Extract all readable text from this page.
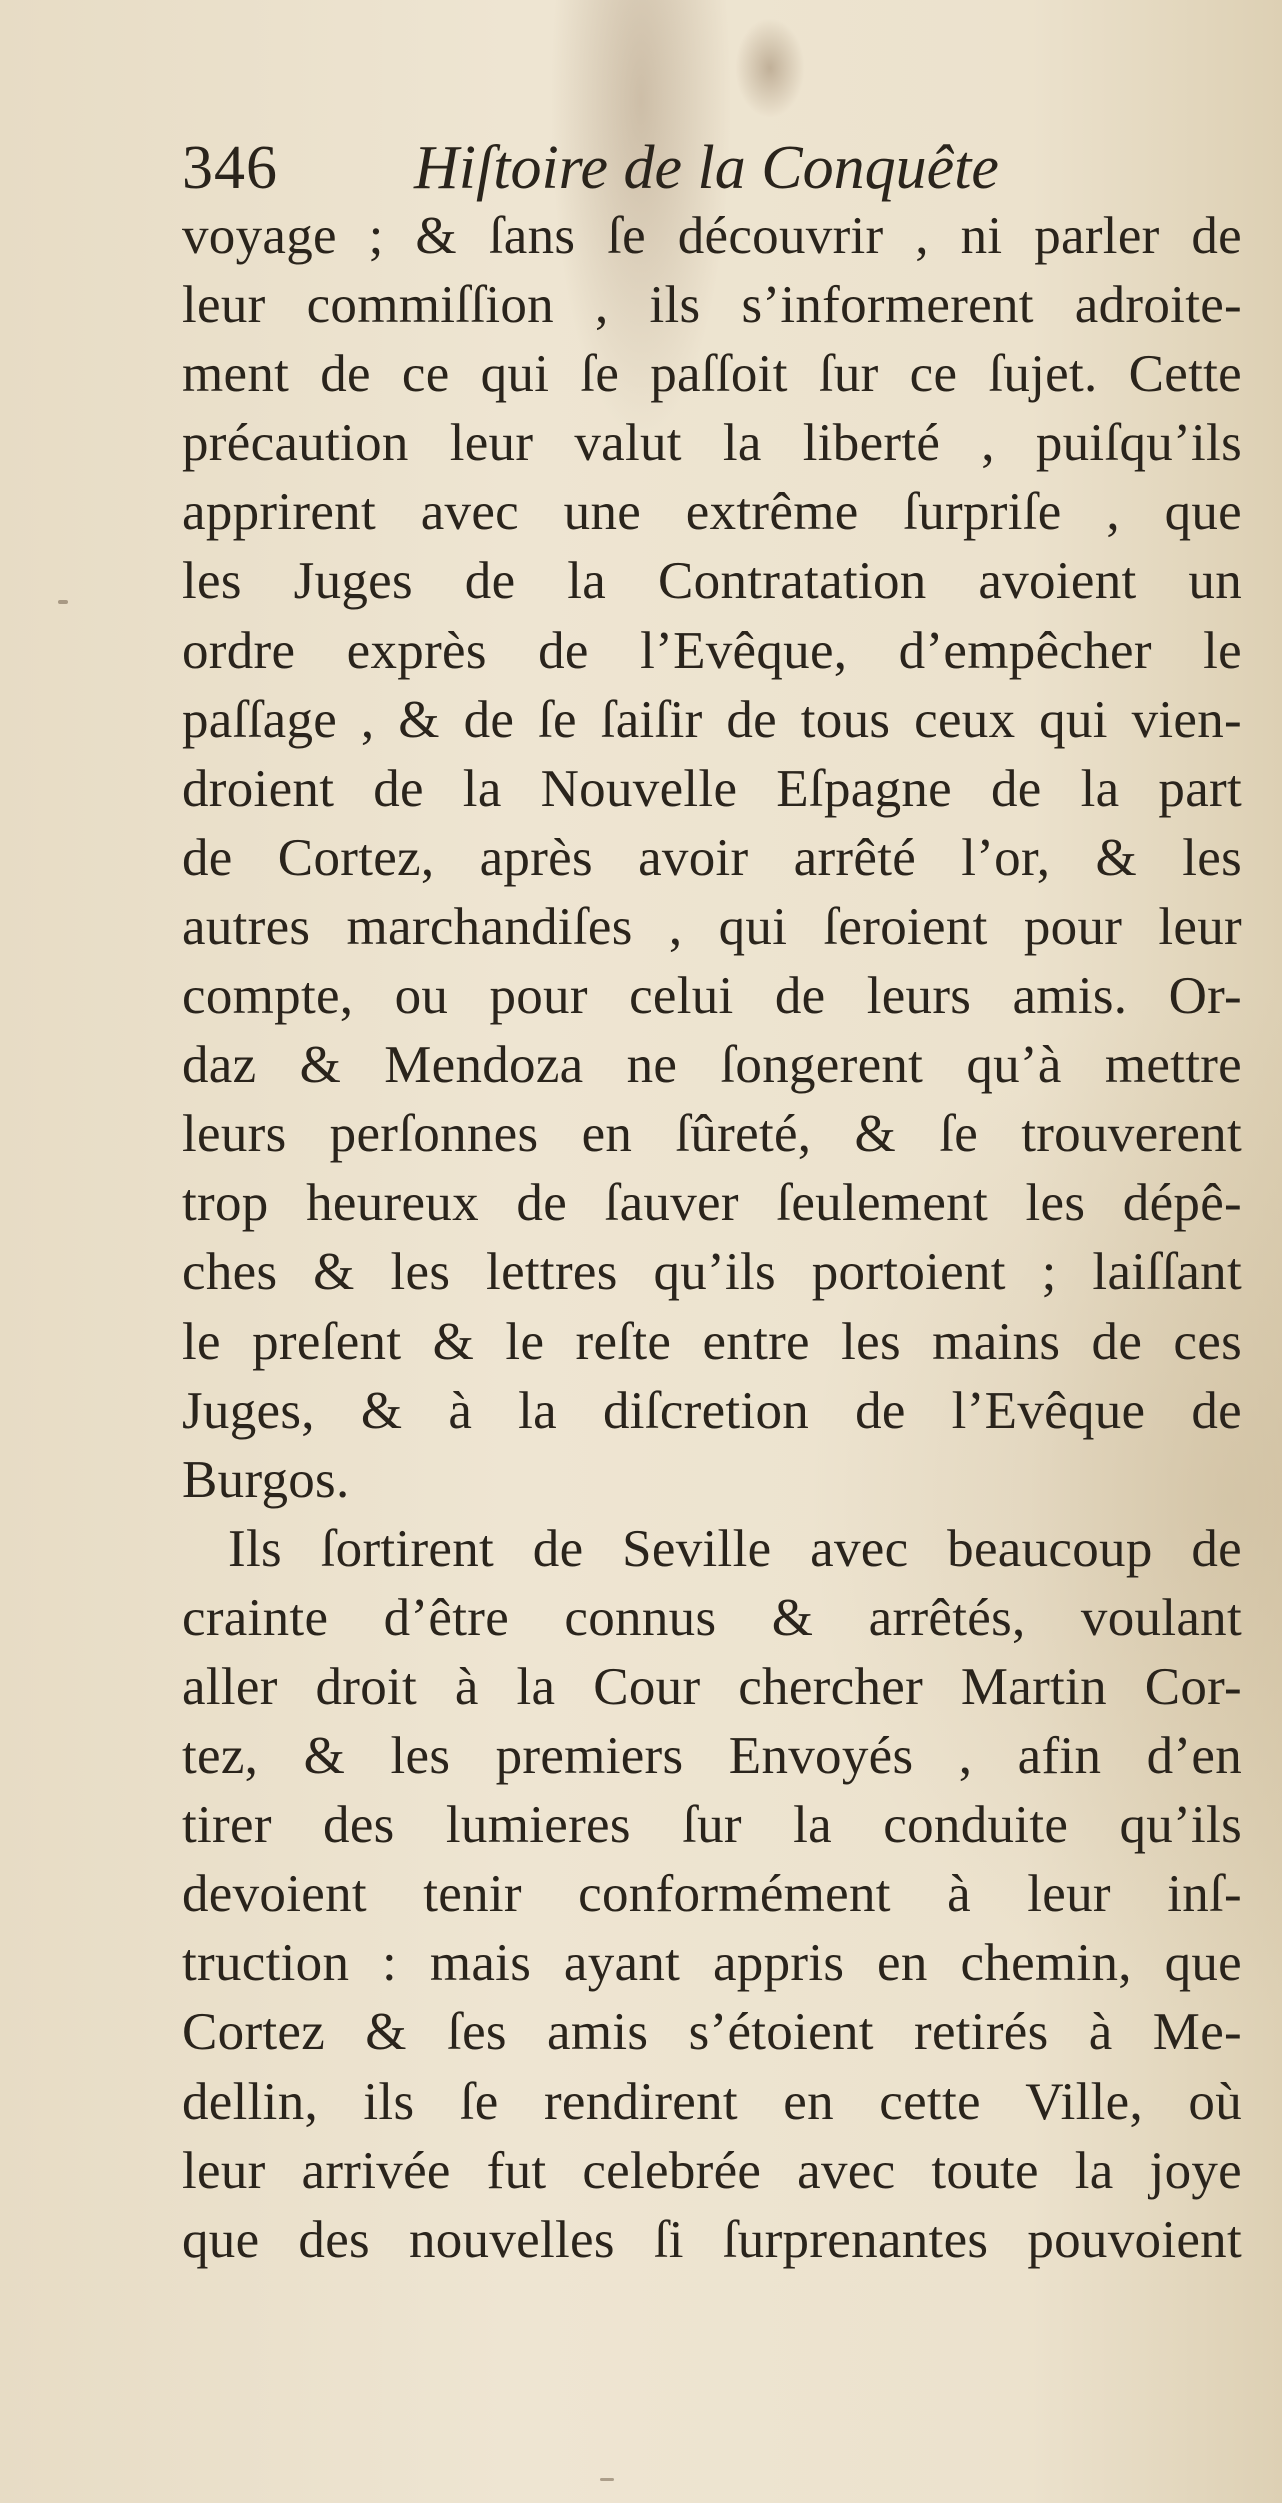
346 Hiſtoire de la Conquête
voyage ; & ſans ſe découvrir , ni parler de
leur commiſſion , ils s’informerent adroite-
ment de ce qui ſe paſſoit ſur ce ſujet. Cette
précaution leur valut la liberté , puiſqu’ils
apprirent avec une extrême ſurpriſe , que
les Juges de la Contratation avoient un
ordre exprès de l’Evêque, d’empêcher le
paſſage , & de ſe ſaiſir de tous ceux qui vien-
droient de la Nouvelle Eſpagne de la part
de Cortez, après avoir arrêté l’or, & les
autres marchandiſes , qui ſeroient pour leur
compte, ou pour celui de leurs amis. Or-
daz & Mendoza ne ſongerent qu’à mettre
leurs perſonnes en ſûreté, & ſe trouverent
trop heureux de ſauver ſeulement les dépê-
ches & les lettres qu’ils portoient ; laiſſant
le preſent & le reſte entre les mains de ces
Juges, & à la diſcretion de l’Evêque de
Burgos.
Ils ſortirent de Seville avec beaucoup de
crainte d’être connus & arrêtés, voulant
aller droit à la Cour chercher Martin Cor-
tez, & les premiers Envoyés , afin d’en
tirer des lumieres ſur la conduite qu’ils
devoient tenir conformément à leur inſ-
truction : mais ayant appris en chemin, que
Cortez & ſes amis s’étoient retirés à Me-
dellin, ils ſe rendirent en cette Ville, où
leur arrivée fut celebrée avec toute la joye
que des nouvelles ſi ſurprenantes pouvoient
